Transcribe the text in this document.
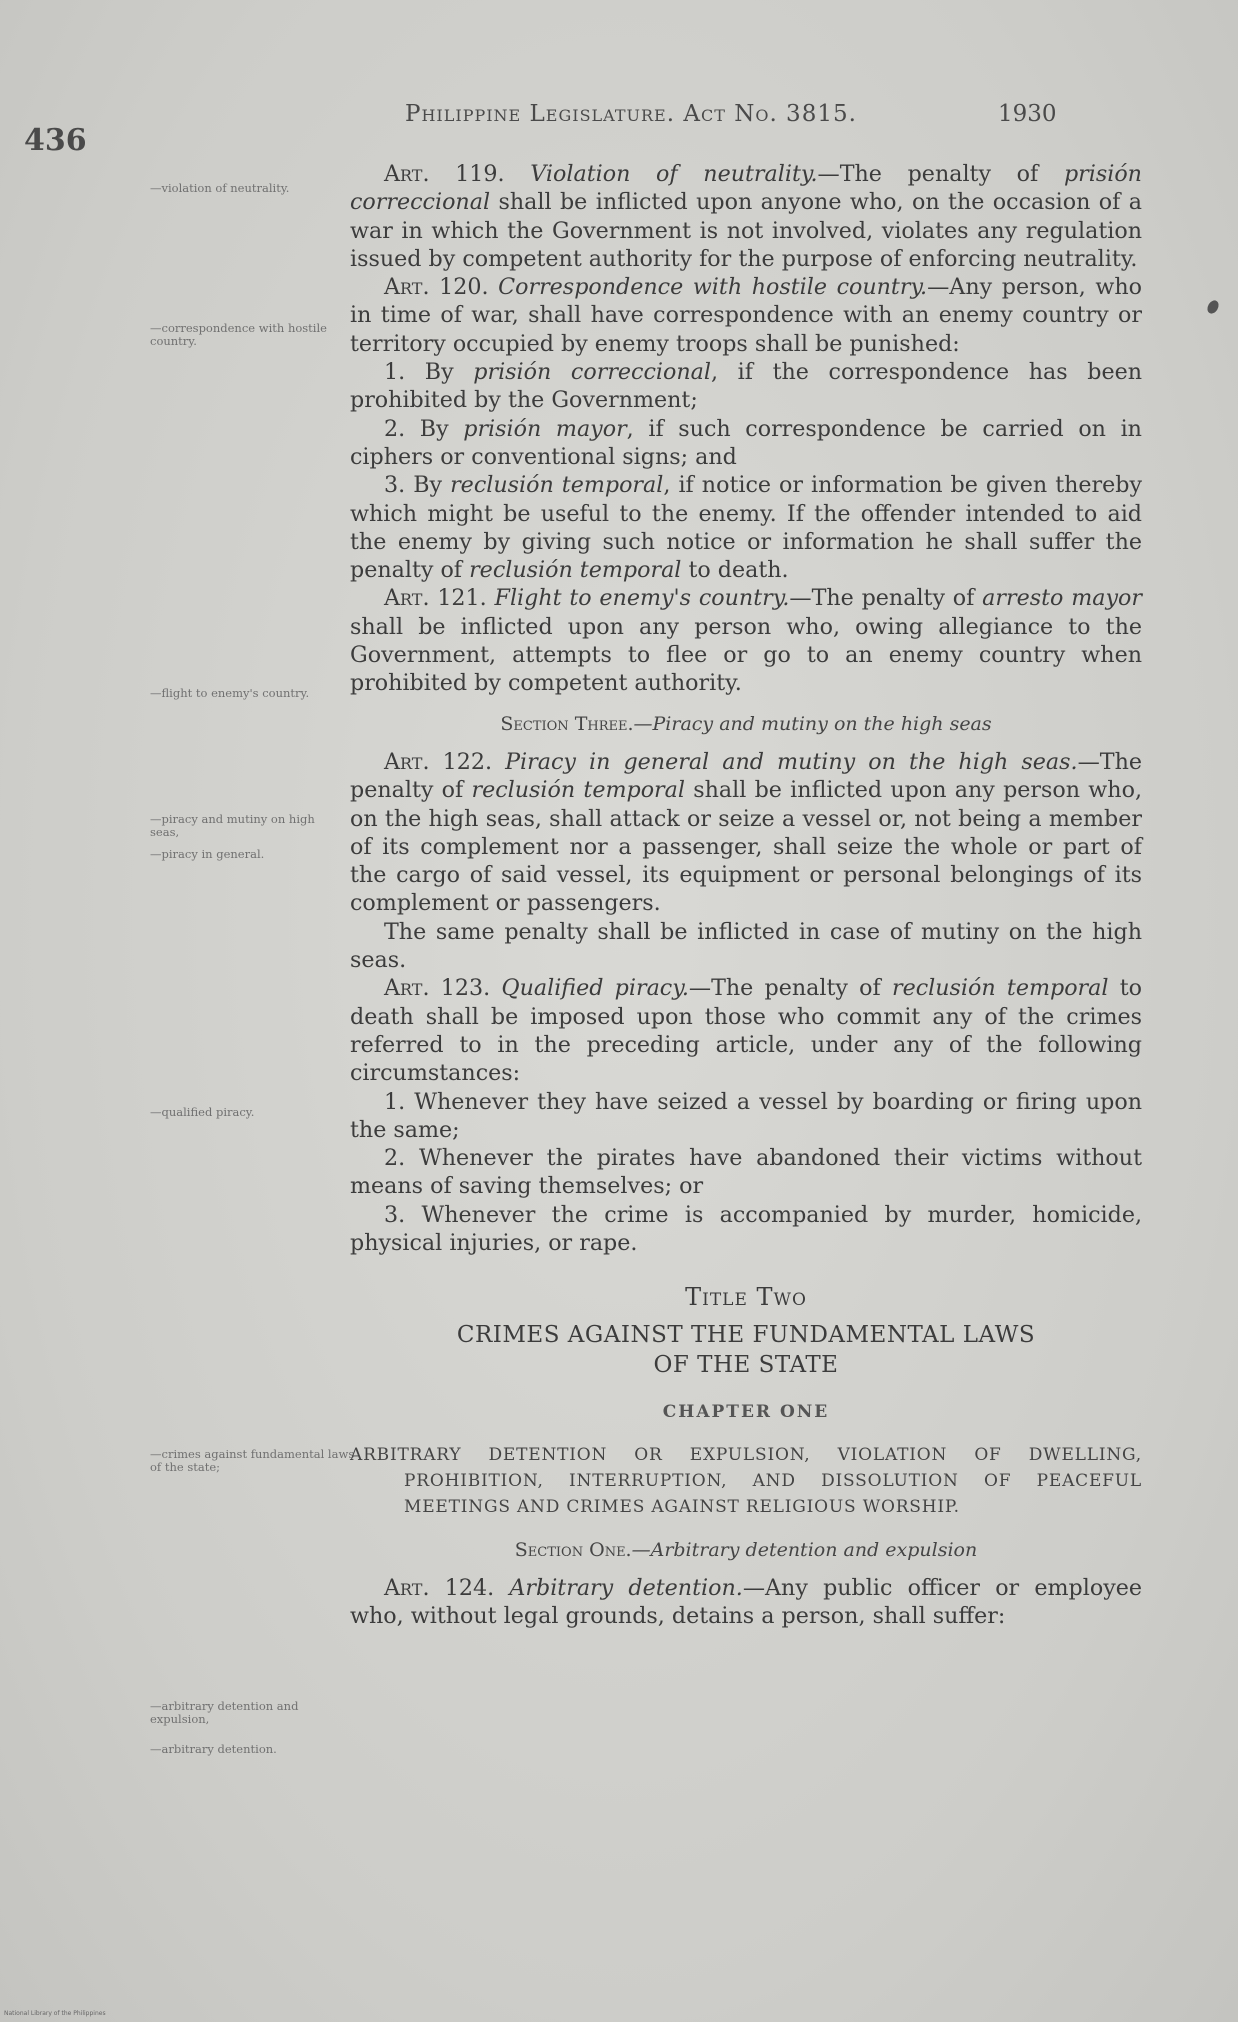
436
Philippine Legislature. Act No. 3815.	1930
—violation of neutrality.
—correspondence with hostile country.
—flight to enemy's country.
—piracy and mutiny on high seas,
—piracy in general.
—qualified piracy.
—crimes against fundamental laws of the state;
—arbitrary detention and expulsion,
—arbitrary detention.

Art. 119. Violation of neutrality.—The penalty of prisión correccional shall be inflicted upon anyone who, on the occasion of a war in which the Government is not involved, violates any regulation issued by competent authority for the purpose of enforcing neutrality.

Art. 120. Correspondence with hostile country.—Any person, who in time of war, shall have correspondence with an enemy country or territory occupied by enemy troops shall be punished:

1. By prisión correccional, if the correspondence has been prohibited by the Government;

2. By prisión mayor, if such correspondence be carried on in ciphers or conventional signs; and

3. By reclusión temporal, if notice or information be given thereby which might be useful to the enemy. If the offender intended to aid the enemy by giving such notice or information he shall suffer the penalty of reclusión temporal to death.

Art. 121. Flight to enemy's country.—The penalty of arresto mayor shall be inflicted upon any person who, owing allegiance to the Government, attempts to flee or go to an enemy country when prohibited by competent authority.

Section Three.—Piracy and mutiny on the high seas

Art. 122. Piracy in general and mutiny on the high seas.—The penalty of reclusión temporal shall be inflicted upon any person who, on the high seas, shall attack or seize a vessel or, not being a member of its complement nor a passenger, shall seize the whole or part of the cargo of said vessel, its equipment or personal belongings of its complement or passengers.

The same penalty shall be inflicted in case of mutiny on the high seas.

Art. 123. Qualified piracy.—The penalty of reclusión temporal to death shall be imposed upon those who commit any of the crimes referred to in the preceding article, under any of the following circumstances:

1. Whenever they have seized a vessel by boarding or firing upon the same;

2. Whenever the pirates have abandoned their victims without means of saving themselves; or

3. Whenever the crime is accompanied by murder, homicide, physical injuries, or rape.

Title Two

CRIMES AGAINST THE FUNDAMENTAL LAWS

OF THE STATE

CHAPTER ONE

ARBITRARY DETENTION OR EXPULSION, VIOLATION OF DWELLING, PROHIBITION, INTERRUPTION, AND DISSOLUTION OF PEACEFUL MEETINGS AND CRIMES AGAINST RELIGIOUS WORSHIP.

Section One.—Arbitrary detention and expulsion

Art. 124. Arbitrary detention.—Any public officer or employee who, without legal grounds, detains a person, shall suffer:

National Library of the Philippines
